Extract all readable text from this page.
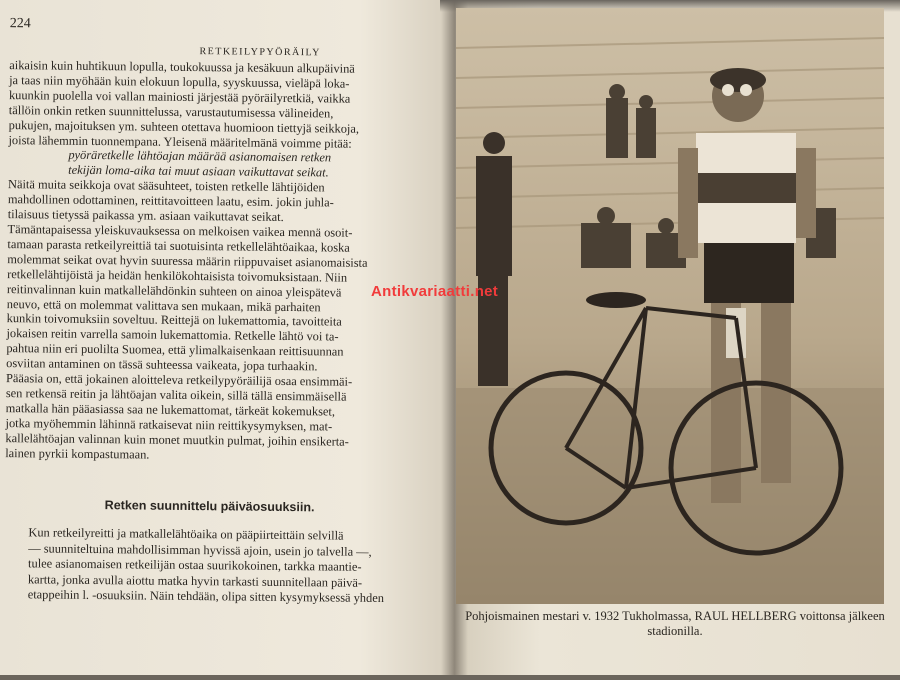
224
RETKEILYPYÖRÄILY

aikaisin kuin huhtikuun lopulla, toukokuussa ja kesäkuun alkupäivinä

ja taas niin myöhään kuin elokuun lopulla, syyskuussa, vieläpä loka-

kuunkin puolella voi vallan mainiosti järjestää pyöräilyretkiä, vaikka

tällöin onkin retken suunnittelussa, varustautumisessa välineiden,

pukujen, majoituksen ym. suhteen otettava huomioon tiettyjä seikkoja,

joista lähemmin tuonnempana. Yleisenä määritelmänä voimme pitää:

pyöräretkelle lähtöajan määrää asianomaisen retken

tekijän loma-aika tai muut asiaan vaikuttavat seikat.

Näitä muita seikkoja ovat sääsuhteet, toisten retkelle lähtijöiden

mahdollinen odottaminen, reittitavoitteen laatu, esim. jokin juhla-

tilaisuus tietyssä paikassa ym. asiaan vaikuttavat seikat.

Tämäntapaisessa yleiskuvauksessa on melkoisen vaikea mennä osoit-

tamaan parasta retkeilyreittiä tai suotuisinta retkellelähtöaikaa, koska

molemmat seikat ovat hyvin suuressa määrin riippuvaiset asianomaisista

retkellelähtijöistä ja heidän henkilökohtaisista toivomuksistaan. Niin

reitinvalinnan kuin matkallelähdönkin suhteen on ainoa yleispätevä

neuvo, että on molemmat valittava sen mukaan, mikä parhaiten

kunkin toivomuksiin soveltuu. Reittejä on lukemattomia, tavoitteita

jokaisen reitin varrella samoin lukemattomia. Retkelle lähtö voi ta-

pahtua niin eri puolilta Suomea, että ylimalkaisenkaan reittisuunnan

osviitan antaminen on tässä suhteessa vaikeata, jopa turhaakin.

Pääasia on, että jokainen aloitteleva retkeilypyöräilijä osaa ensimmäi-

sen retkensä reitin ja lähtöajan valita oikein, sillä tällä ensimmäisellä

matkalla hän pääasiassa saa ne lukemattomat, tärkeät kokemukset,

jotka myöhemmin lähinnä ratkaisevat niin reittikysymyksen, mat-

kallelähtöajan valinnan kuin monet muutkin pulmat, joihin ensikerta-

lainen pyrkii kompastumaan.

Retken suunnittelu päiväosuuksiin.

Kun retkeilyreitti ja matkallelähtöaika on pääpiirteittäin selvillä

— suunniteltuina mahdollisimman hyvissä ajoin, usein jo talvella —,

tulee asianomaisen retkeilijän ostaa suurikokoinen, tarkka maantie-

kartta, jonka avulla aiottu matka hyvin tarkasti suunnitellaan päivä-

etappeihin l. -osuuksiin. Näin tehdään, olipa sitten kysymyksessä yhden

Pohjoismainen mestari v. 1932 Tukholmassa, RAUL HELLBERG voittonsa jälkeen
stadionilla.
Antikvariaatti.net
